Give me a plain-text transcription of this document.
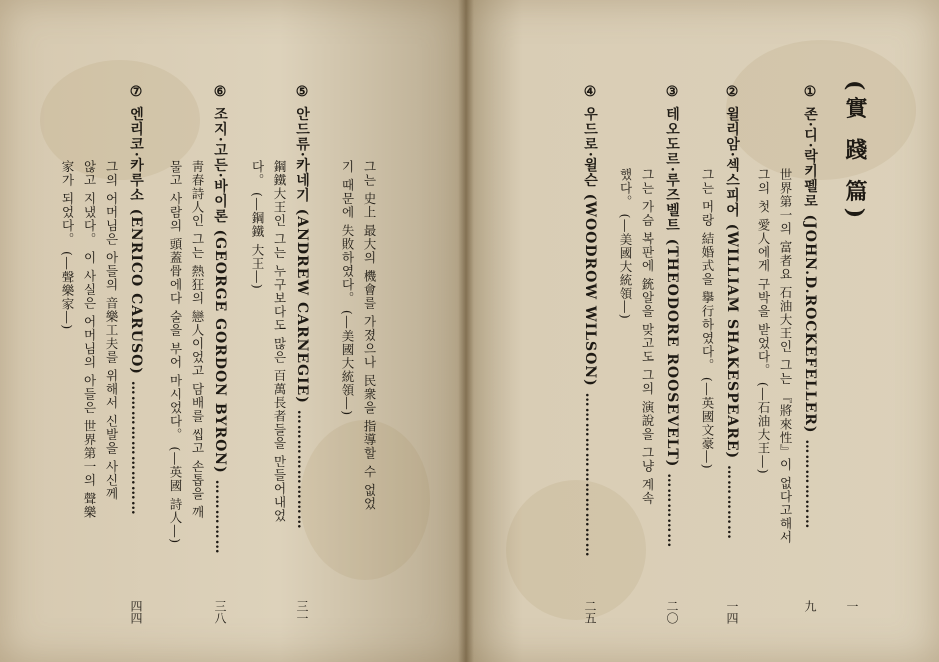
⑤ 안드류·카네기 (ANDREW CARNEGIE) ……………………
三一
그는 史上 最大의 機會를 가졌으나 民衆을 指導할 수 없었
기 때문에 失敗하였다。 (―美國大統領―)
鋼鐵大王인 그는 누구보다도 많은 百萬長者들을 만들어내었
다。 (―鋼鐵 大王―)
⑥ 조지·고든·바이론 (GEORGE GORDON BYRON) ……………
三八
靑春詩人인 그는 熱狂의 戀人이었고 담배를 씹고 손톱을 깨
물고 사람의 頭蓋骨에다 술을 부어 마시었다。 (―英國 詩人―)
⑦ 엔리코·카루소 (ENRICO CARUSO) ………………………
四四
그의 어머님은 아들의 音樂工夫를 위해서 신발을 사신께
않고 지냈다。 이 사실은 어머님의 아들은 世界第一의 聲樂
家가 되었다。 (―聲樂家―)
(實 踐 篇)
一
① 존·디·락키펠로 (JOHN.D.ROCKEFELLER) ………………
九
世界第一의 富者요 石油大王인 그는 『將來性』이 없다고해서
그의 첫 愛人에게 구박을 받었다。 (―石油大王―)
② 윌리암·섹스피어 (WILLIAM SHAKESPEARE) ……………
一四
그는 머랑 結婚式을 擧行하였다。 (―英國文豪―)
③ 테오도르·루즈벨트 (THEODORE ROOSEVELT) ……………
二〇
그는 가슴 복판에 銃알을 맞고도 그의 演說을 그냥 계속
했다。 (―美國大統領―)
④ 우드로·윌슨 (WOODROW WILSON) ……………………………
二五
